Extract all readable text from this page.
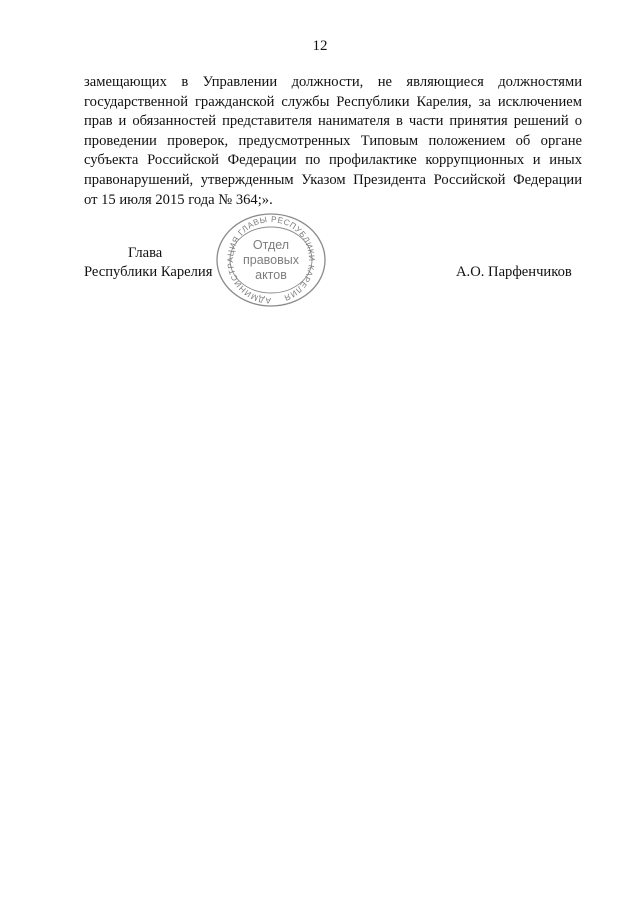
12
замещающих в Управлении должности, не являющиеся должностями
государственной гражданской службы Республики Карелия, за исключением
прав и обязанностей представителя нанимателя в части принятия решений о
проведении проверок, предусмотренных Типовым положением об органе
субъекта Российской Федерации по профилактике коррупционных и иных
правонарушений, утвержденным Указом Президента Российской Федерации
от 15 июля 2015 года № 364;».
Глава
Республики Карелия	А.О. Парфенчиков
АДМИНИСТРАЦИЯ ГЛАВЫ РЕСПУБЛИКИ КАРЕЛИЯ
Отдел
правовых
актов
